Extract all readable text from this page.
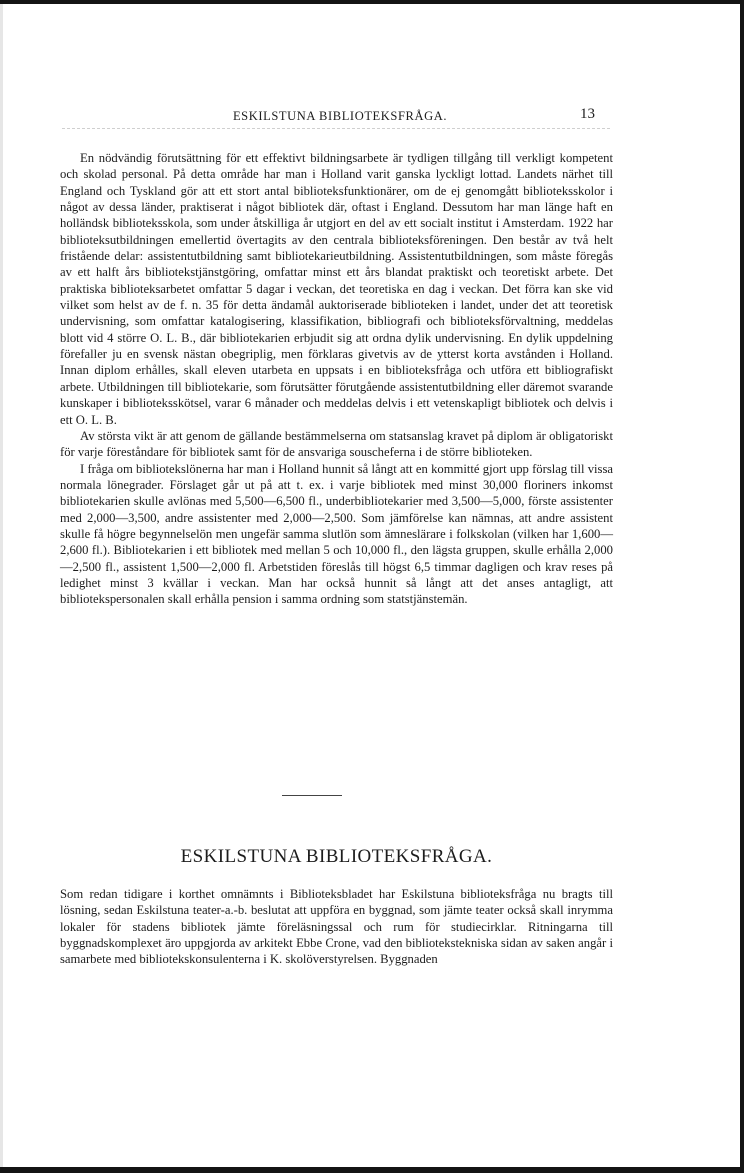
ESKILSTUNA BIBLIOTEKSFRÅGA.	13

En nödvändig förutsättning för ett effektivt bildningsarbete är tydligen tillgång till verkligt kompetent och skolad personal. På detta område har man i Holland varit ganska lyckligt lottad. Landets närhet till England och Tyskland gör att ett stort antal biblioteksfunktionärer, om de ej genomgått biblioteksskolor i något av dessa länder, praktiserat i något bibliotek där, oftast i England. Dessutom har man länge haft en holländsk biblioteksskola, som under åtskilliga år utgjort en del av ett socialt institut i Amsterdam. 1922 har biblioteksutbildningen emellertid övertagits av den centrala biblioteksföreningen. Den består av två helt fristående delar: assistentutbildning samt bibliotekarieutbildning. Assistentutbildningen, som måste föregås av ett halft års bibliotekstjänstgöring, omfattar minst ett års blandat praktiskt och teoretiskt arbete. Det praktiska biblioteksarbetet omfattar 5 dagar i veckan, det teoretiska en dag i veckan. Det förra kan ske vid vilket som helst av de f. n. 35 för detta ändamål auktoriserade biblioteken i landet, under det att teoretisk undervisning, som omfattar katalogisering, klassifikation, bibliografi och biblioteksförvaltning, meddelas blott vid 4 större O. L. B., där bibliotekarien erbjudit sig att ordna dylik undervisning. En dylik uppdelning förefaller ju en svensk nästan obegriplig, men förklaras givetvis av de ytterst korta avstånden i Holland. Innan diplom erhålles, skall eleven utarbeta en uppsats i en biblioteksfråga och utföra ett bibliografiskt arbete. Utbildningen till bibliotekarie, som förutsätter förutgående assistentutbildning eller däremot svarande kunskaper i biblioteksskötsel, varar 6 månader och meddelas delvis i ett vetenskapligt bibliotek och delvis i ett O. L. B.

Av största vikt är att genom de gällande bestämmelserna om statsanslag kravet på diplom är obligatoriskt för varje föreståndare för bibliotek samt för de ansvariga souscheferna i de större biblioteken.

I fråga om bibliotekslönerna har man i Holland hunnit så långt att en kommitté gjort upp förslag till vissa normala lönegrader. Förslaget går ut på att t. ex. i varje bibliotek med minst 30,000 floriners inkomst bibliotekarien skulle avlönas med 5,500—6,500 fl., underbibliotekarier med 3,500—5,000, förste assistenter med 2,000—3,500, andre assistenter med 2,000—2,500. Som jämförelse kan nämnas, att andre assistent skulle få högre begynnelselön men ungefär samma slutlön som ämneslärare i folkskolan (vilken har 1,600—2,600 fl.). Bibliotekarien i ett bibliotek med mellan 5 och 10,000 fl., den lägsta gruppen, skulle erhålla 2,000—2,500 fl., assistent 1,500—2,000 fl. Arbetstiden föreslås till högst 6,5 timmar dagligen och krav reses på ledighet minst 3 kvällar i veckan. Man har också hunnit så långt att det anses antagligt, att bibliotekspersonalen skall erhålla pension i samma ordning som statstjänstemän.

ESKILSTUNA BIBLIOTEKSFRÅGA.

Som redan tidigare i korthet omnämnts i Biblioteksbladet har Eskilstuna biblioteksfråga nu bragts till lösning, sedan Eskilstuna teater-a.-b. beslutat att uppföra en byggnad, som jämte teater också skall inrymma lokaler för stadens bibliotek jämte föreläsningssal och rum för studiecirklar. Ritningarna till byggnadskomplexet äro uppgjorda av arkitekt Ebbe Crone, vad den bibliotekstekniska sidan av saken angår i samarbete med bibliotekskonsulenterna i K. skolöverstyrelsen. Byggnaden
